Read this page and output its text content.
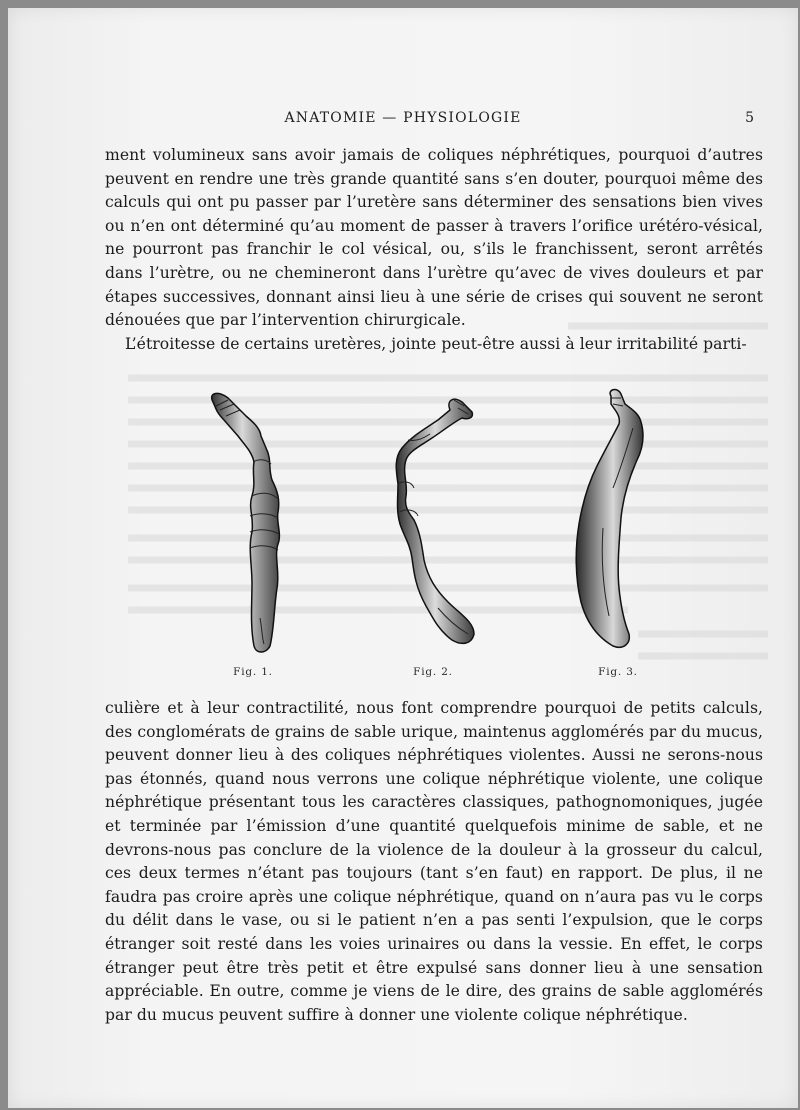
ANATOMIE — PHYSIOLOGIE	5

ment volumineux sans avoir jamais de coliques néphrétiques, pourquoi d’autres peuvent en rendre une très grande quantité sans s’en douter, pourquoi même des calculs qui ont pu passer par l’uretère sans déterminer des sensations bien vives ou n’en ont déterminé qu’au moment de passer à travers l’orifice urétéro-vésical, ne pourront pas franchir le col vésical, ou, s’ils le franchissent, seront arrêtés dans l’urètre, ou ne chemineront dans l’urètre qu’avec de vives douleurs et par étapes successives, donnant ainsi lieu à une série de crises qui souvent ne seront dénouées que par l’intervention chirurgicale.

L’étroitesse de certains uretères, jointe peut-être aussi à leur irritabilité parti-

Fig. 1.	Fig. 2.	Fig. 3.

culière et à leur contractilité, nous font comprendre pourquoi de petits calculs, des conglomérats de grains de sable urique, maintenus agglomérés par du mucus, peuvent donner lieu à des coliques néphrétiques violentes. Aussi ne serons-nous pas étonnés, quand nous verrons une colique néphrétique violente, une colique néphrétique présentant tous les caractères classiques, pathognomoniques, jugée et terminée par l’émission d’une quantité quelquefois minime de sable, et ne devrons-nous pas conclure de la violence de la douleur à la grosseur du calcul, ces deux termes n’étant pas toujours (tant s’en faut) en rapport. De plus, il ne faudra pas croire après une colique néphrétique, quand on n’aura pas vu le corps du délit dans le vase, ou si le patient n’en a pas senti l’expulsion, que le corps étranger soit resté dans les voies urinaires ou dans la vessie. En effet, le corps étranger peut être très petit et être expulsé sans donner lieu à une sensation appréciable. En outre, comme je viens de le dire, des grains de sable agglomérés par du mucus peuvent suffire à donner une violente colique néphrétique.
